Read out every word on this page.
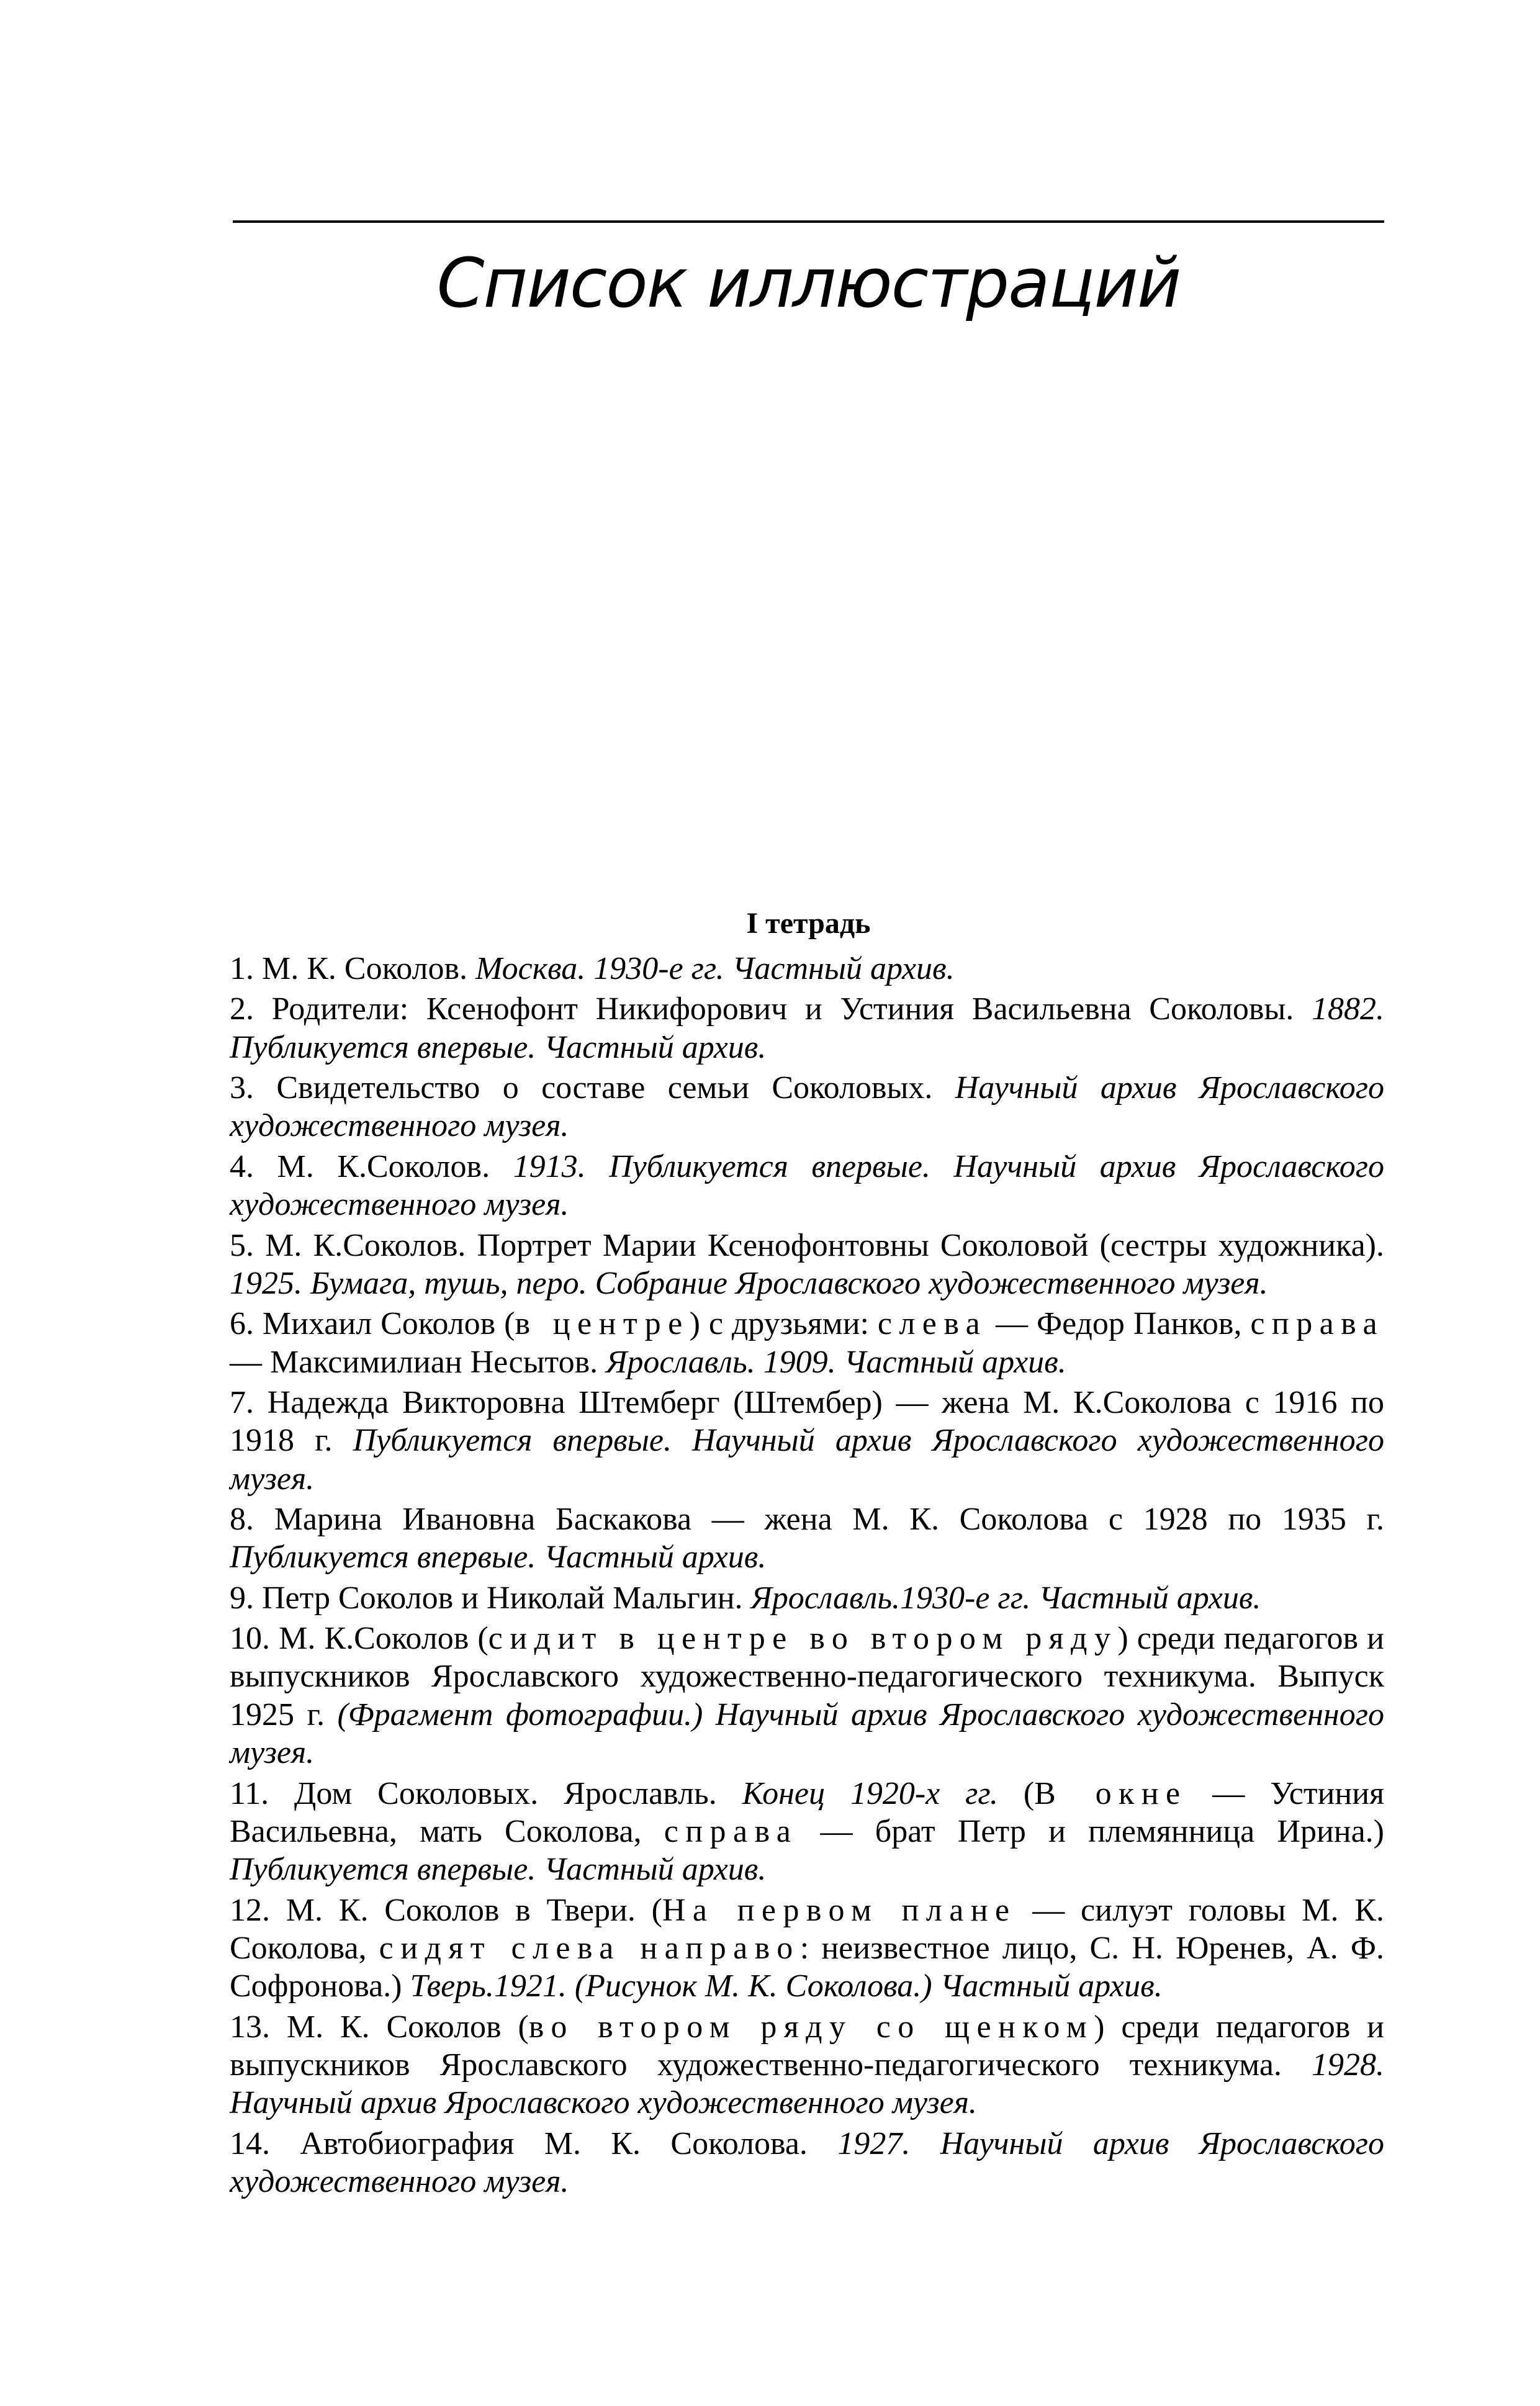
Список иллюстраций
I тетрадь

1. М. К. Соколов. Москва. 1930-е гг. Частный архив.

2. Родители: Ксенофонт Никифорович и Устиния Васильевна Соколовы. 1882. Публикуется впервые. Частный архив.

3. Свидетельство о составе семьи Соколовых. Научный архив Ярославского художественного музея.

4. М. К.Соколов. 1913. Публикуется впервые. Научный архив Ярославского художественного музея.

5. М. К.Соколов. Портрет Марии Ксенофонтовны Соколовой (сестры художника). 1925. Бумага, тушь, перо. Собрание Ярославского художественного музея.

6. Михаил Соколов (в центре) с друзьями: слева — Федор Панков, справа — Максимилиан Несытов. Ярославль. 1909. Частный архив.

7. Надежда Викторовна Штемберг (Штембер) — жена М. К.Соколова с 1916 по 1918 г. Публикуется впервые. Научный архив Ярославского художественного музея.

8. Марина Ивановна Баскакова — жена М. К. Соколова с 1928 по 1935 г. Публикуется впервые. Частный архив.

9. Петр Соколов и Николай Мальгин. Ярославль.1930-е гг. Частный архив.

10. М. К.Соколов (сидит в центре во втором ряду) среди педагогов и выпускников Ярославского художественно-педагогического техникума. Выпуск 1925 г. (Фрагмент фотографии.) Научный архив Ярославского художественного музея.

11. Дом Соколовых. Ярославль. Конец 1920-х гг. (В окне — Устиния Васильевна, мать Соколова, справа — брат Петр и племянница Ирина.) Публикуется впервые. Частный архив.

12. М. К. Соколов в Твери. (На первом плане — силуэт головы М. К. Соколова, сидят слева направо: неизвестное лицо, С. Н. Юренев, А. Ф. Софронова.) Тверь.1921. (Рисунок М. К. Соколова.) Частный архив.

13. М. К. Соколов (во втором ряду со щенком) среди педагогов и выпускников Ярославского художественно-педагогического техникума. 1928. Научный архив Ярославского художественного музея.

14. Автобиография М. К. Соколова. 1927. Научный архив Ярославского художественного музея.
